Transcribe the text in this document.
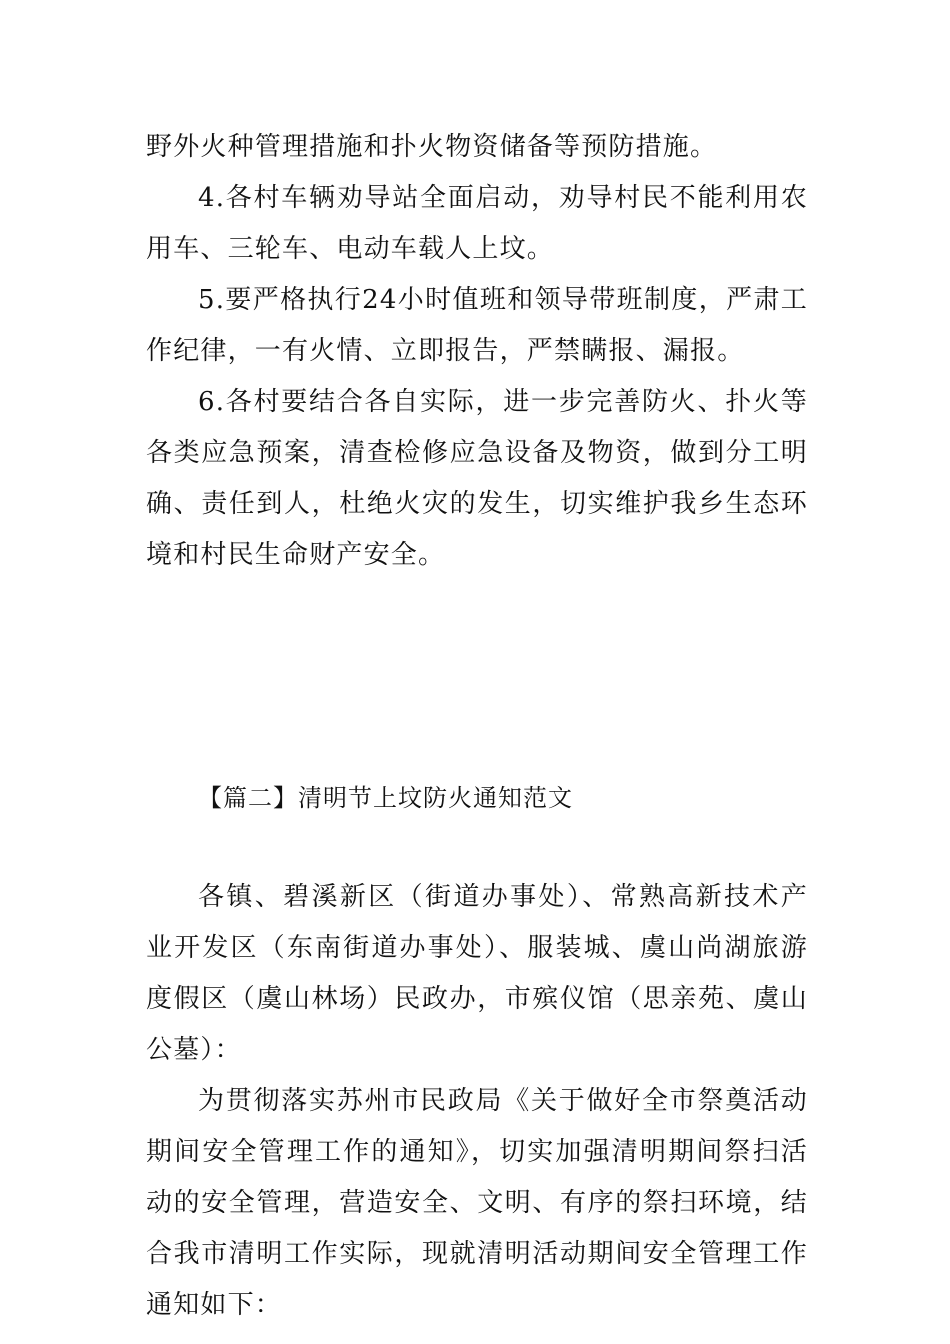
野外火种管理措施和扑火物资储备等预防措施。

4.各村车辆劝导站全面启动，劝导村民不能利用农用车、三轮车、电动车载人上坟。

5.要严格执行24小时值班和领导带班制度，严肃工作纪律，一有火情、立即报告，严禁瞒报、漏报。

6.各村要结合各自实际，进一步完善防火、扑火等各类应急预案，清查检修应急设备及物资，做到分工明确、责任到人，杜绝火灾的发生，切实维护我乡生态环境和村民生命财产安全。

【篇二】清明节上坟防火通知范文

各镇、碧溪新区（街道办事处）、常熟高新技术产业开发区（东南街道办事处）、服装城、虞山尚湖旅游度假区（虞山林场）民政办，市殡仪馆（思亲苑、虞山公墓）：

为贯彻落实苏州市民政局《关于做好全市祭奠活动期间安全管理工作的通知》，切实加强清明期间祭扫活动的安全管理，营造安全、文明、有序的祭扫环境，结合我市清明工作实际，现就清明活动期间安全管理工作通知如下：
